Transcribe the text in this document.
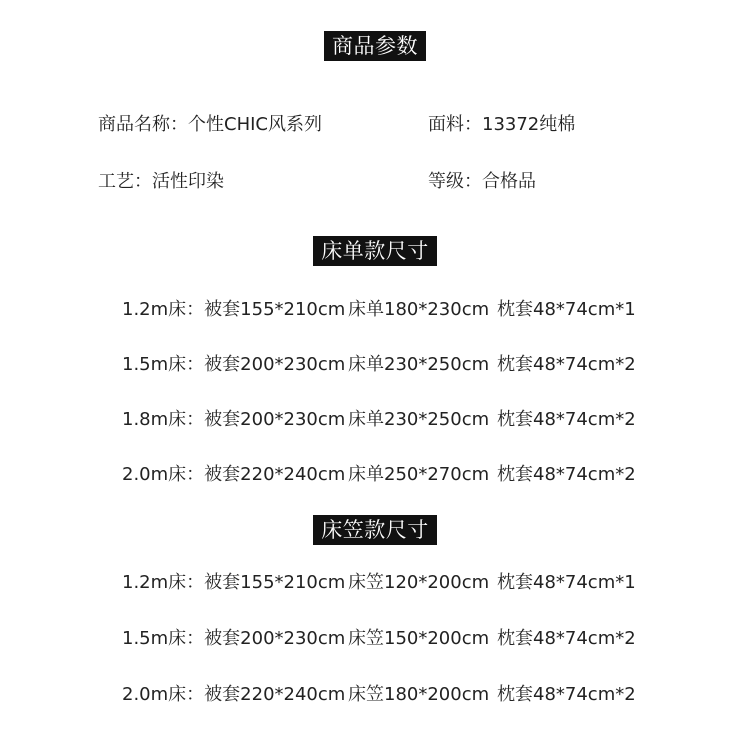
商品参数
商品名称：个性CHIC风系列	面料：13372纯棉
工艺：活性印染	等级：合格品
床单款尺寸
1.2m床：被套155*210cm 床单180*230cm 枕套48*74cm*1
1.5m床：被套200*230cm 床单230*250cm 枕套48*74cm*2
1.8m床：被套200*230cm 床单230*250cm 枕套48*74cm*2
2.0m床：被套220*240cm 床单250*270cm 枕套48*74cm*2
床笠款尺寸
1.2m床：被套155*210cm 床笠120*200cm 枕套48*74cm*1
1.5m床：被套200*230cm 床笠150*200cm 枕套48*74cm*2
2.0m床：被套220*240cm 床笠180*200cm 枕套48*74cm*2
